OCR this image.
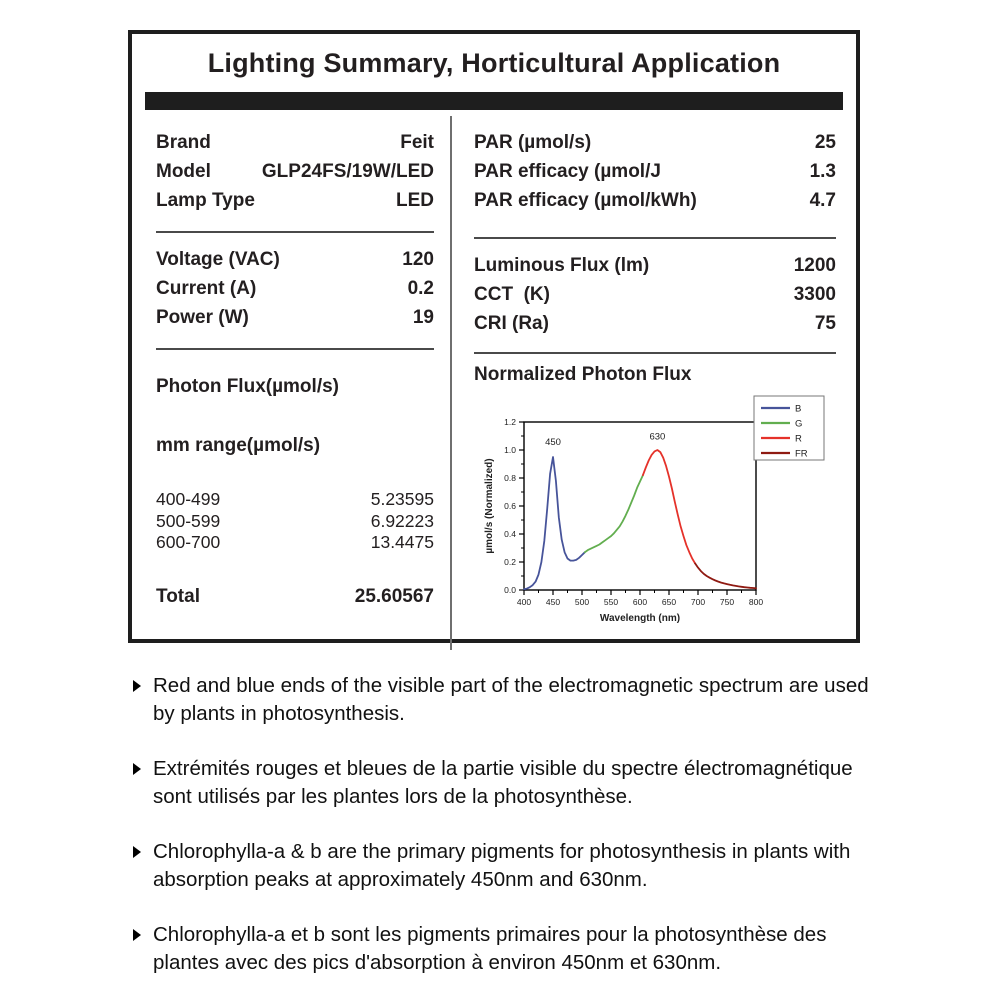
Lighting Summary, Horticultural Application
Brand	Feit
Model	GLP24FS/19W/LED
Lamp Type	LED
Voltage (VAC)	120
Current (A)	0.2
Power (W)	19
Photon Flux(µmol/s)
mm range(µmol/s)
400-499	5.23595
500-599	6.92223
600-700	13.4475
Total	25.60567
PAR (µmol/s)	25
PAR efficacy (µmol/J	1.3
PAR efficacy (µmol/kWh)	4.7
Luminous Flux (lm)	1200
CCT  (K)	3300
CRI (Ra)	75
Normalized Photon Flux
400 450 500 550 600 650 700 750 800
0.0
0.2
0.4
0.6
0.8
1.0
1.2
450
630
Wavelength (nm)
µmol/s (Normalized)
B
G
R
FR
Red and blue ends of the visible part of the electromagnetic spectrum are used by plants in photosynthesis.
Extrémités rouges et bleues de la partie visible du spectre électromagnétique sont utilisés par les plantes lors de la photosynthèse.
Chlorophylla-a & b are the primary pigments for photosynthesis in plants with absorption peaks at approximately 450nm and 630nm.
Chlorophylla-a et b sont les pigments primaires pour la photosynthèse des plantes avec des pics d'absorption à environ 450nm et 630nm.
